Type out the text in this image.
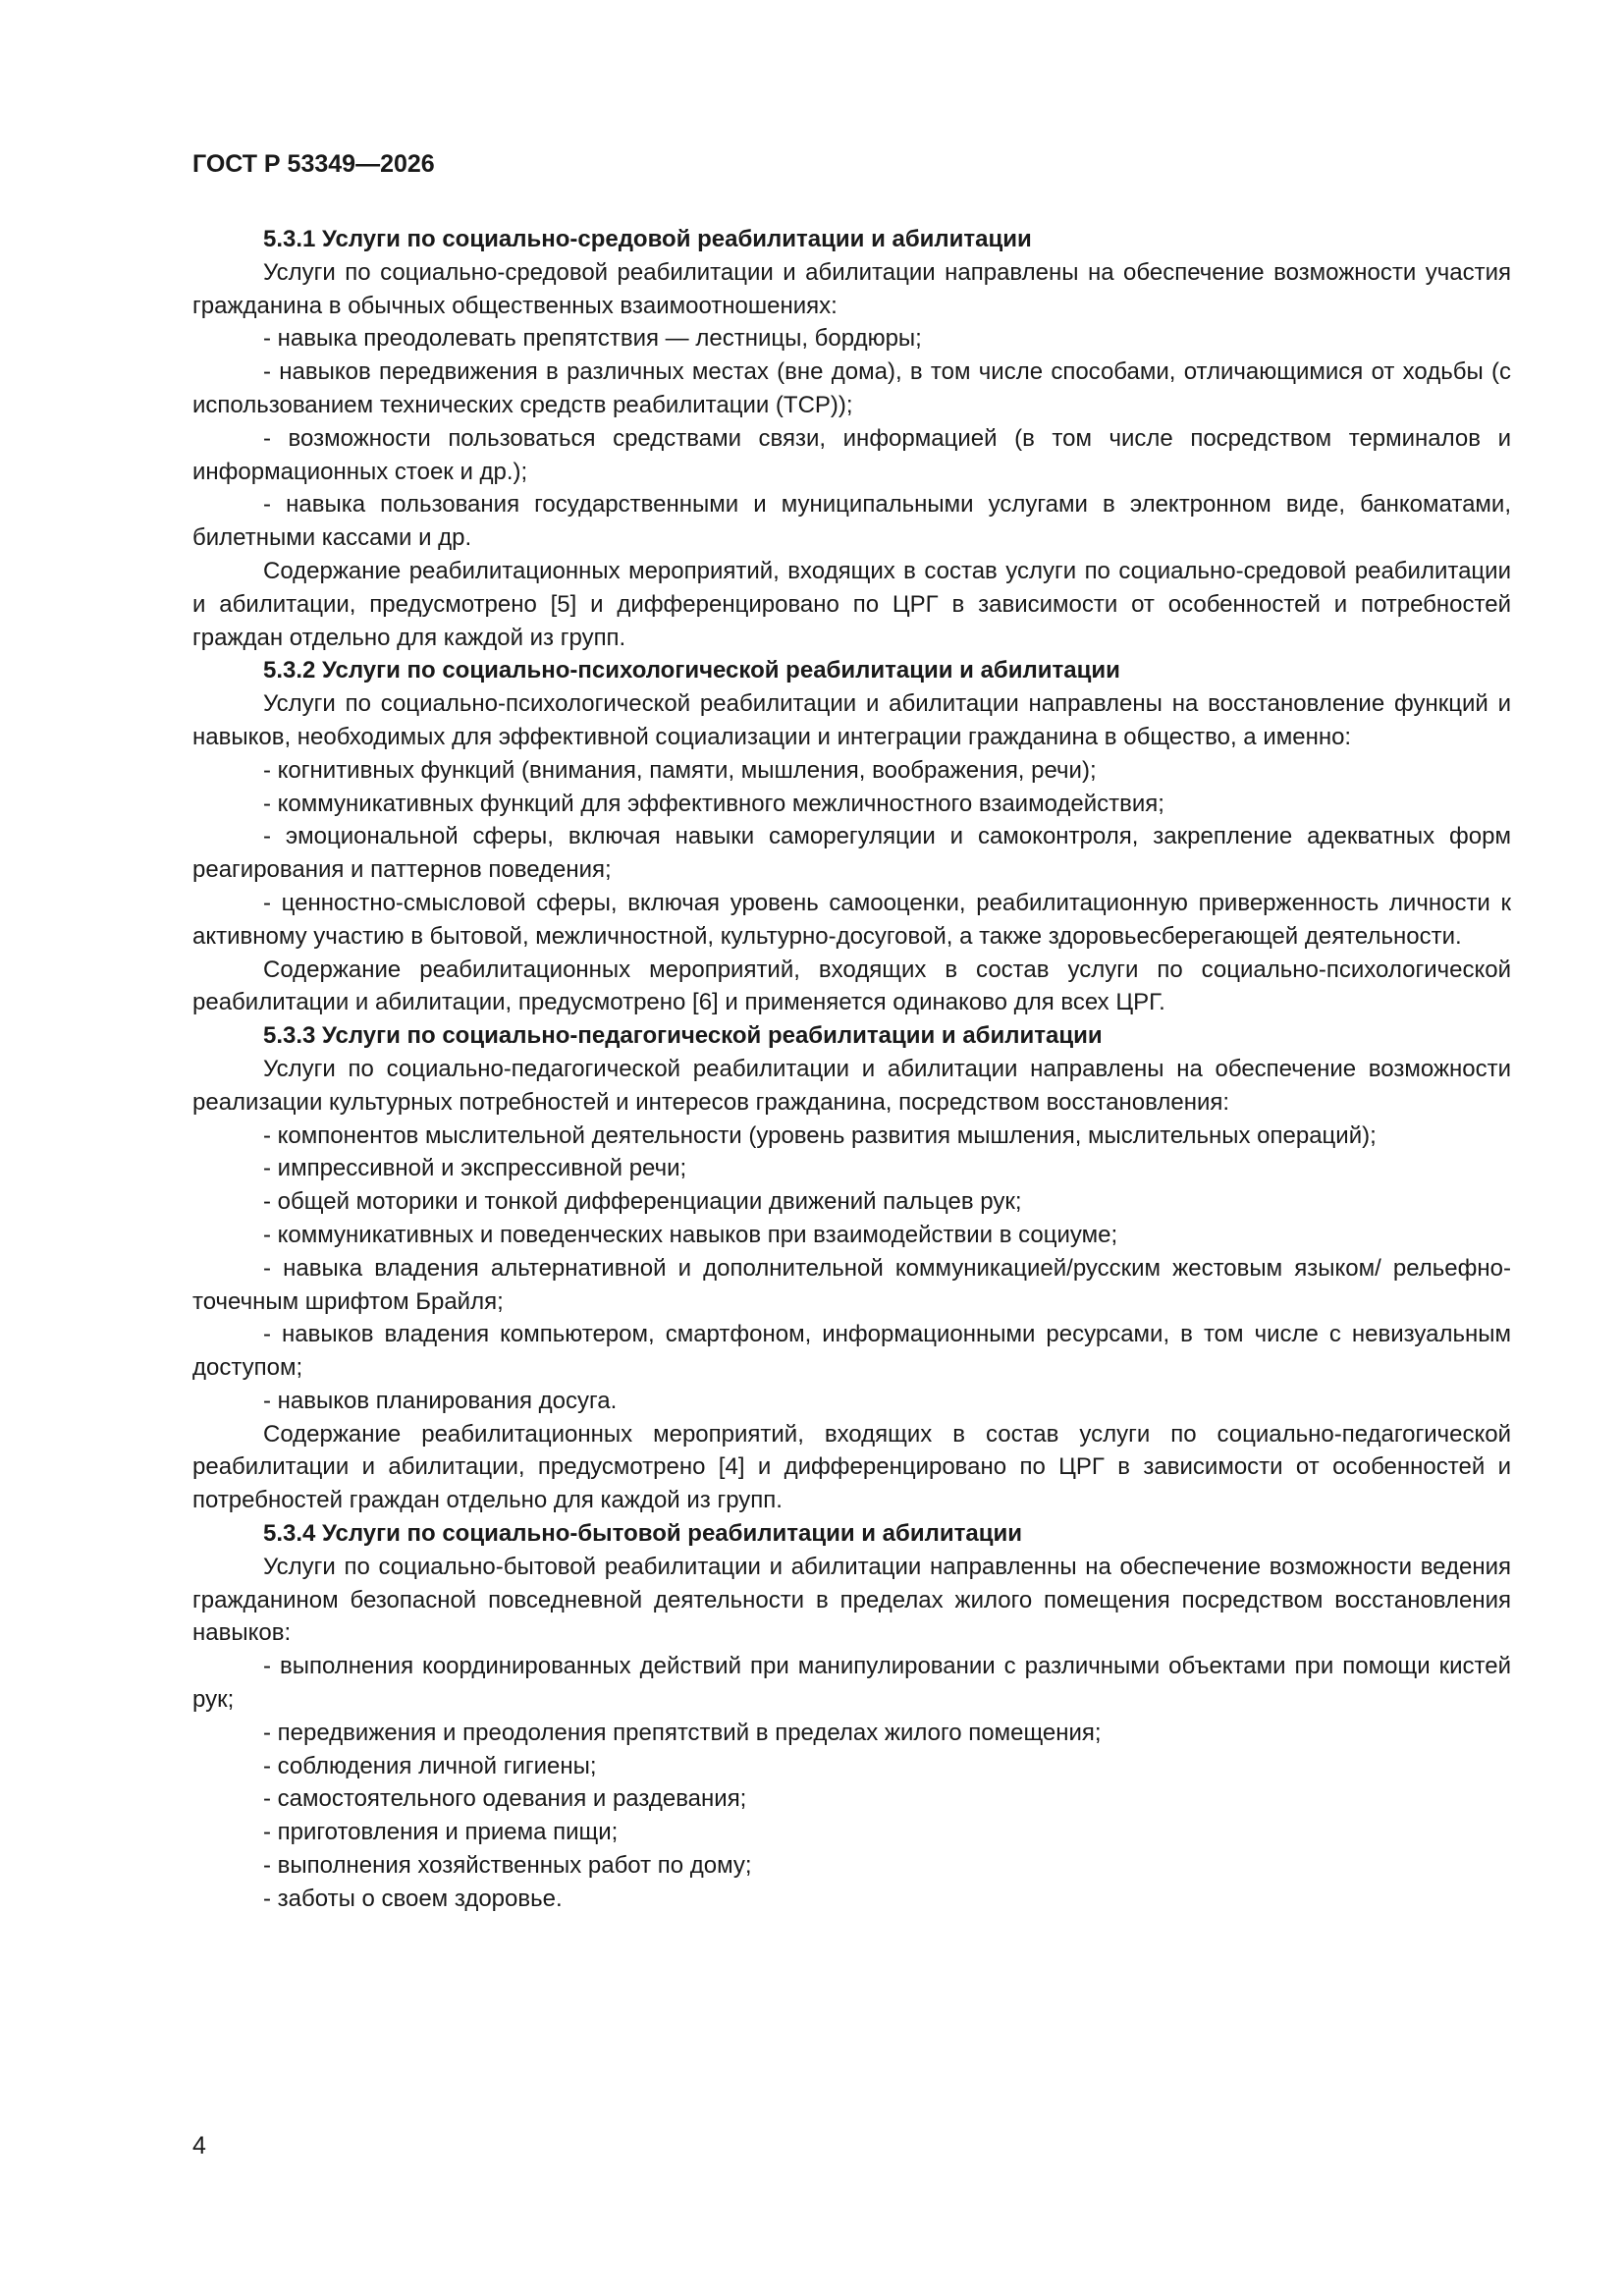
ГОСТ Р 53349—2026

5.3.1 Услуги по социально-средовой реабилитации и абилитации

Услуги по социально-средовой реабилитации и абилитации направлены на обеспечение возможности участия гражданина в обычных общественных взаимоотношениях:

- навыка преодолевать препятствия — лестницы, бордюры;

- навыков передвижения в различных местах (вне дома), в том числе способами, отличающимися от ходьбы (с использованием технических средств реабилитации (ТСР));

- возможности пользоваться средствами связи, информацией (в том числе посредством терминалов и информационных стоек и др.);

- навыка пользования государственными и муниципальными услугами в электронном виде, банкоматами, билетными кассами и др.

Содержание реабилитационных мероприятий, входящих в состав услуги по социально-средовой реабилитации и абилитации, предусмотрено [5] и дифференцировано по ЦРГ в зависимости от особенностей и потребностей граждан отдельно для каждой из групп.

5.3.2 Услуги по социально-психологической реабилитации и абилитации

Услуги по социально-психологической реабилитации и абилитации направлены на восстановление функций и навыков, необходимых для эффективной социализации и интеграции гражданина в общество, а именно:

- когнитивных функций (внимания, памяти, мышления, воображения, речи);

- коммуникативных функций для эффективного межличностного взаимодействия;

- эмоциональной сферы, включая навыки саморегуляции и самоконтроля, закрепление адекватных форм реагирования и паттернов поведения;

- ценностно-смысловой сферы, включая уровень самооценки, реабилитационную приверженность личности к активному участию в бытовой, межличностной, культурно-досуговой, а также здоровьесберегающей деятельности.

Содержание реабилитационных мероприятий, входящих в состав услуги по социально-психологической реабилитации и абилитации, предусмотрено [6] и применяется одинаково для всех ЦРГ.

5.3.3 Услуги по социально-педагогической реабилитации и абилитации

Услуги по социально-педагогической реабилитации и абилитации направлены на обеспечение возможности реализации культурных потребностей и интересов гражданина, посредством восстановления:

- компонентов мыслительной деятельности (уровень развития мышления, мыслительных операций);

- импрессивной и экспрессивной речи;

- общей моторики и тонкой дифференциации движений пальцев рук;

- коммуникативных и поведенческих навыков при взаимодействии в социуме;

- навыка владения альтернативной и дополнительной коммуникацией/русским жестовым языком/ рельефно-точечным шрифтом Брайля;

- навыков владения компьютером, смартфоном, информационными ресурсами, в том числе с невизуальным доступом;

- навыков планирования досуга.

Содержание реабилитационных мероприятий, входящих в состав услуги по социально-педагогической реабилитации и абилитации, предусмотрено [4] и дифференцировано по ЦРГ в зависимости от особенностей и потребностей граждан отдельно для каждой из групп.

5.3.4 Услуги по социально-бытовой реабилитации и абилитации

Услуги по социально-бытовой реабилитации и абилитации направленны на обеспечение возможности ведения гражданином безопасной повседневной деятельности в пределах жилого помещения посредством восстановления навыков:

- выполнения координированных действий при манипулировании с различными объектами при помощи кистей рук;

- передвижения и преодоления препятствий в пределах жилого помещения;

- соблюдения личной гигиены;

- самостоятельного одевания и раздевания;

- приготовления и приема пищи;

- выполнения хозяйственных работ по дому;

- заботы о своем здоровье.

4
